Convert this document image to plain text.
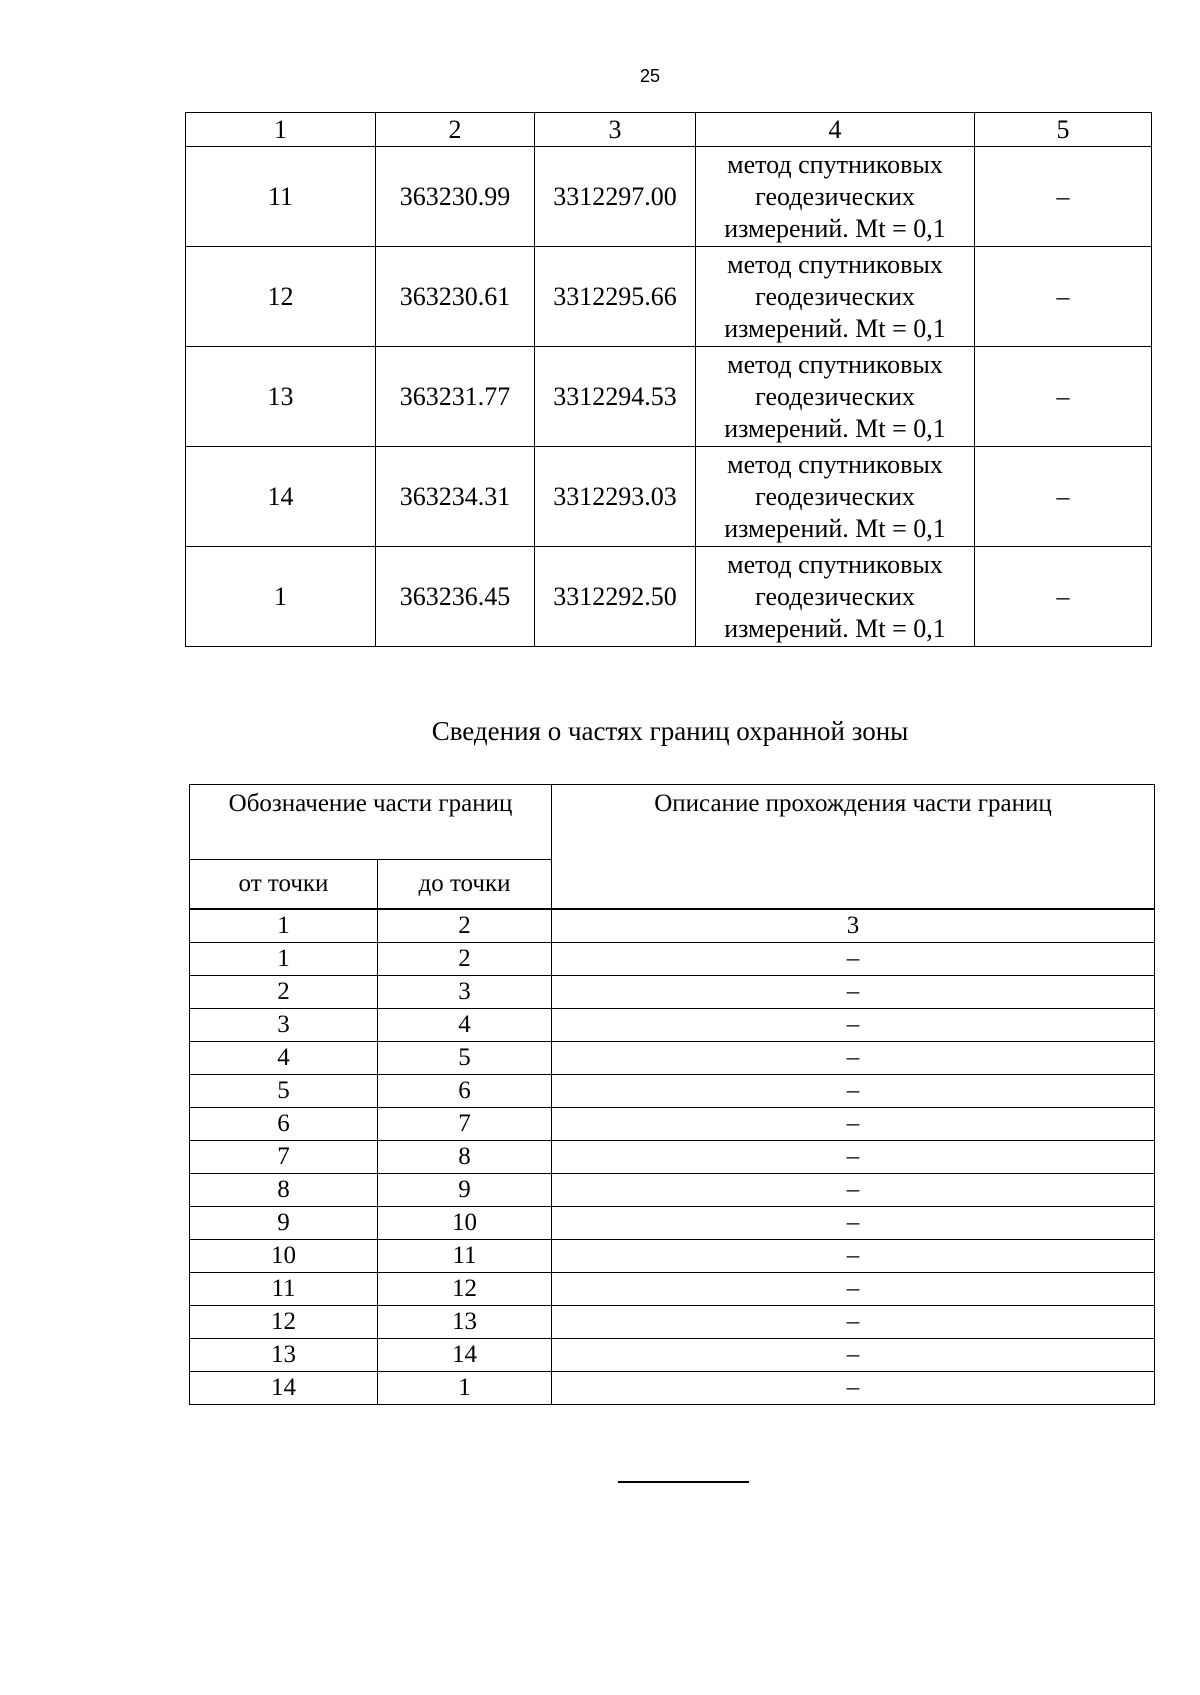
25
1	2	3	4	5
11	363230.99	3312297.00	метод спутниковых
геодезических
измерений. Mt = 0,1	–
12	363230.61	3312295.66	метод спутниковых
геодезических
измерений. Mt = 0,1	–
13	363231.77	3312294.53	метод спутниковых
геодезических
измерений. Mt = 0,1	–
14	363234.31	3312293.03	метод спутниковых
геодезических
измерений. Mt = 0,1	–
1	363236.45	3312292.50	метод спутниковых
геодезических
измерений. Mt = 0,1	–
Сведения о частях границ охранной зоны
Обозначение части границ		Описание прохождения части границ
от точки	до точки	
1	2	3
1	2	–
2	3	–
3	4	–
4	5	–
5	6	–
6	7	–
7	8	–
8	9	–
9	10	–
10	11	–
11	12	–
12	13	–
13	14	–
14	1	–
